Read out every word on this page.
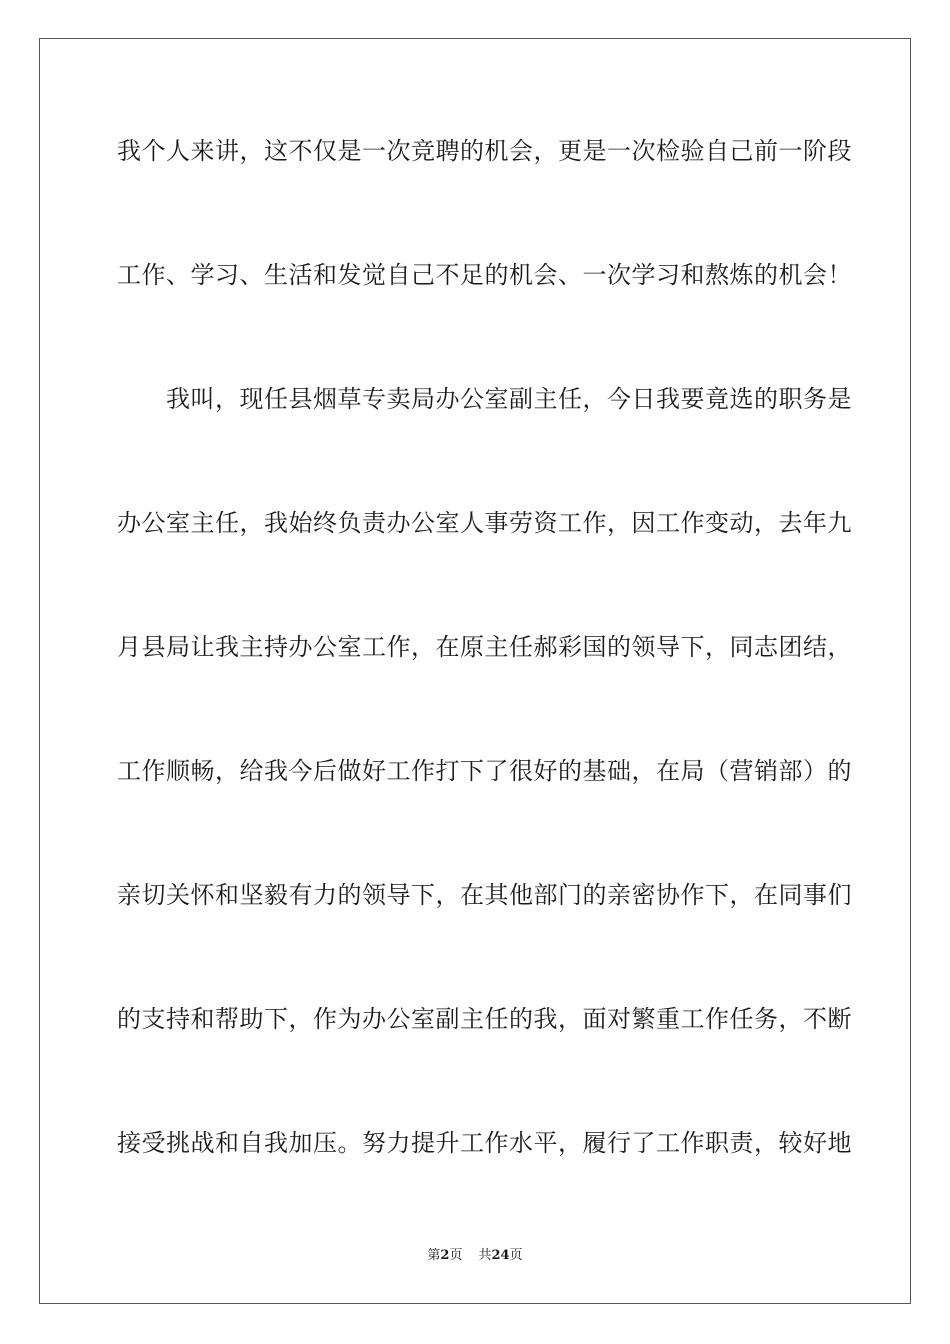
我个人来讲，这不仅是一次竞聘的机会，更是一次检验自己前一阶段
工作、学习、生活和发觉自己不足的机会、一次学习和熬炼的机会！
　　我叫，现任县烟草专卖局办公室副主任，今日我要竟选的职务是
办公室主任，我始终负责办公室人事劳资工作，因工作变动，去年九
月县局让我主持办公室工作，在原主任郝彩国的领导下，同志团结，
工作顺畅，给我今后做好工作打下了很好的基础，在局（营销部）的
亲切关怀和坚毅有力的领导下，在其他部门的亲密协作下，在同事们
的支持和帮助下，作为办公室副主任的我，面对繁重工作任务，不断
接受挑战和自我加压。努力提升工作水平，履行了工作职责，较好地
第2页 共24页
